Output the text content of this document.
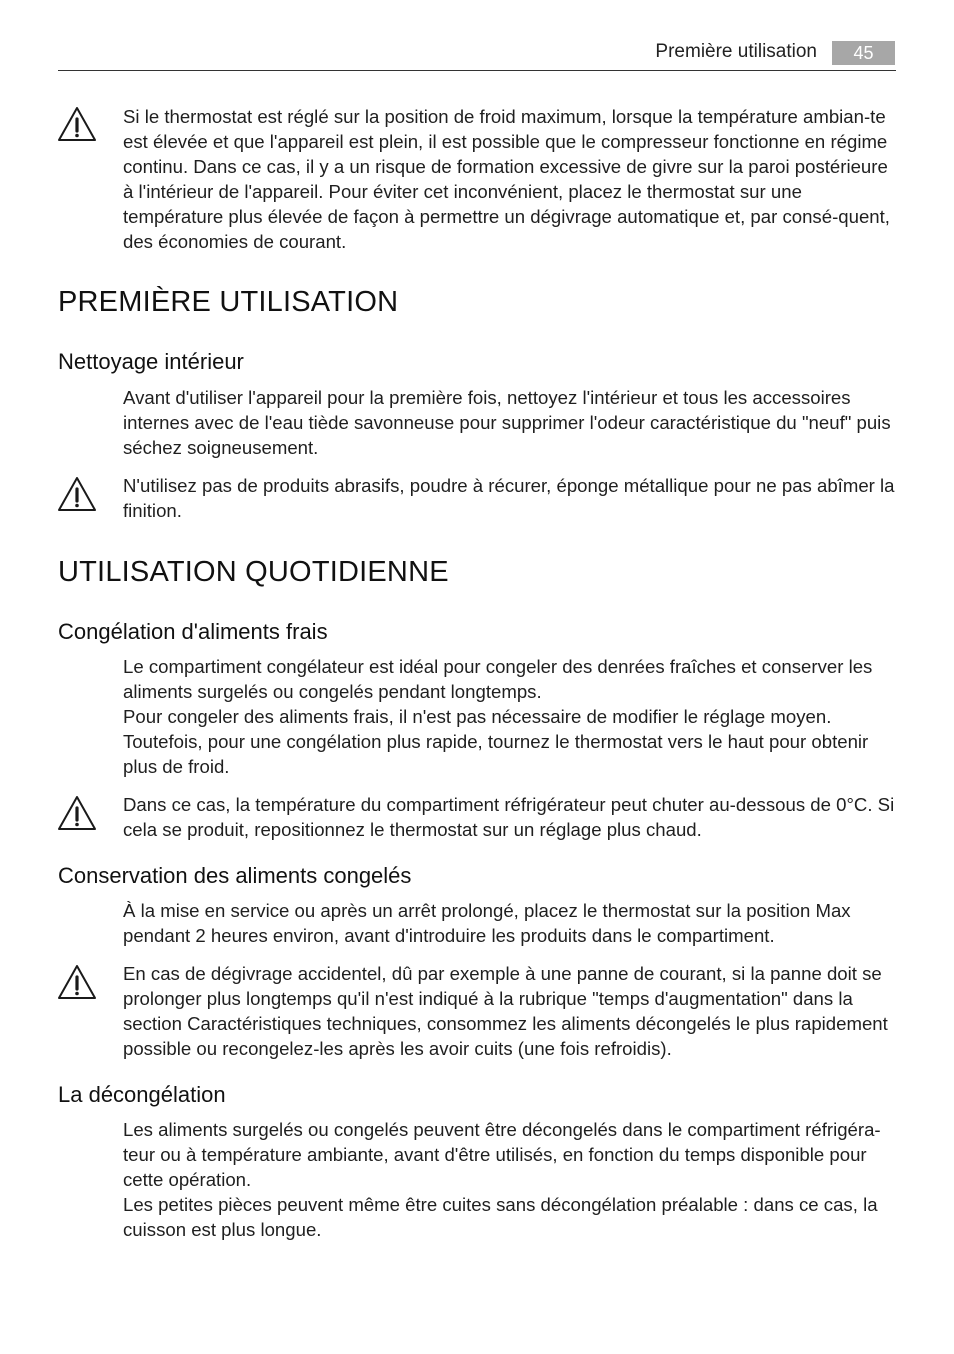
Première utilisation	45

Si le thermostat est réglé sur la position de froid maximum, lorsque la température ambian-te est élevée et que l'appareil est plein, il est possible que le compresseur fonctionne en régime continu. Dans ce cas, il y a un risque de formation excessive de givre sur la paroi postérieure à l'intérieur de l'appareil. Pour éviter cet inconvénient, placez le thermostat sur une température plus élevée de façon à permettre un dégivrage automatique et, par consé-quent, des économies de courant.

PREMIÈRE UTILISATION
Nettoyage intérieur

Avant d'utiliser l'appareil pour la première fois, nettoyez l'intérieur et tous les accessoires internes avec de l'eau tiède savonneuse pour supprimer l'odeur caractéristique du "neuf" puis séchez soigneusement.

N'utilisez pas de produits abrasifs, poudre à récurer, éponge métallique pour ne pas abîmer la finition.

UTILISATION QUOTIDIENNE
Congélation d'aliments frais

Le compartiment congélateur est idéal pour congeler des denrées fraîches et conserver les aliments surgelés ou congelés pendant longtemps.

Pour congeler des aliments frais, il n'est pas nécessaire de modifier le réglage moyen. Toutefois, pour une congélation plus rapide, tournez le thermostat vers le haut pour obtenir plus de froid.

Dans ce cas, la température du compartiment réfrigérateur peut chuter au-dessous de 0°C. Si cela se produit, repositionnez le thermostat sur un réglage plus chaud.

Conservation des aliments congelés

À la mise en service ou après un arrêt prolongé, placez le thermostat sur la position Max pendant 2 heures environ, avant d'introduire les produits dans le compartiment.

En cas de dégivrage accidentel, dû par exemple à une panne de courant, si la panne doit se prolonger plus longtemps qu'il n'est indiqué à la rubrique "temps d'augmentation" dans la section Caractéristiques techniques, consommez les aliments décongelés le plus rapidement possible ou recongelez-les après les avoir cuits (une fois refroidis).

La décongélation

Les aliments surgelés ou congelés peuvent être décongelés dans le compartiment réfrigéra-teur ou à température ambiante, avant d'être utilisés, en fonction du temps disponible pour cette opération.

Les petites pièces peuvent même être cuites sans décongélation préalable : dans ce cas, la cuisson est plus longue.
